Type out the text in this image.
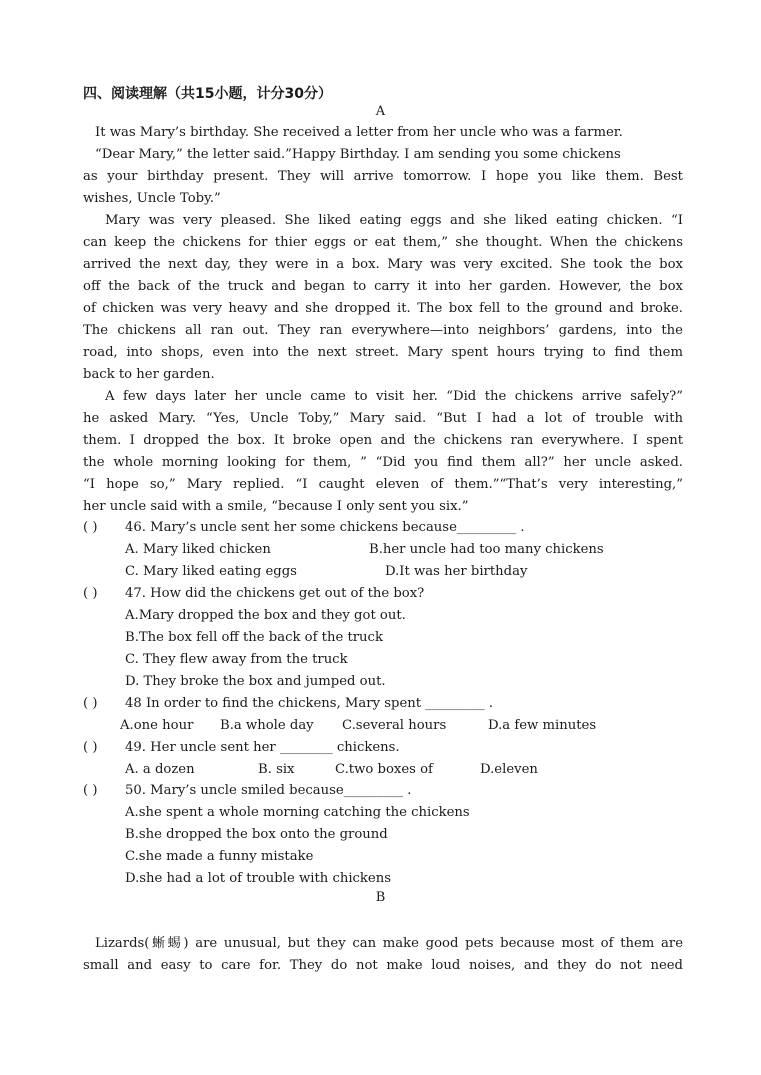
四、阅读理解（共15小题，计分30分）
A
It was Mary’s birthday. She received a letter from her uncle who was a farmer.
“Dear Mary,” the letter said.”Happy Birthday. I am sending you some chickens
as your birthday present. They will arrive tomorrow. I hope you like them. Best
wishes, Uncle Toby.”
Mary was very pleased. She liked eating eggs and she liked eating chicken. “I
can keep the chickens for thier eggs or eat them,” she thought. When the chickens
arrived the next day, they were in a box. Mary was very excited. She took the box
off the back of the truck and began to carry it into her garden. However, the box
of chicken was very heavy and she dropped it. The box fell to the ground and broke.
The chickens all ran out. They ran everywhere—into neighbors’ gardens, into the
road, into shops, even into the next street. Mary spent hours trying to find them
back to her garden.
A few days later her uncle came to visit her. “Did the chickens arrive safely?”
he asked Mary. “Yes, Uncle Toby,” Mary said. “But I had a lot of trouble with
them. I dropped the box. It broke open and the chickens ran everywhere. I spent
the whole morning looking for them, ” “Did you find them all?” her uncle asked.
“I hope so,” Mary replied. “I caught eleven of them.”“That’s very interesting,”
her uncle said with a smile, “because I only sent you six.”
( ) 46. Mary’s uncle sent her some chickens because_________ .
A. Mary liked chicken	B.her uncle had too many chickens
C. Mary liked eating eggs	D.It was her birthday
( ) 47. How did the chickens get out of the box?
A.Mary dropped the box and they got out.
B.The box fell off the back of the truck
C. They flew away from the truck
D. They broke the box and jumped out.
( ) 48 In order to find the chickens, Mary spent _________ .
A.one hour B.a whole day C.several hours	D.a few minutes
( ) 49. Her uncle sent her ________ chickens.
A. a dozen	B. six	C.two boxes of	D.eleven
( ) 50. Mary’s uncle smiled because_________ .
A.she spent a whole morning catching the chickens
B.she dropped the box onto the ground
C.she made a funny mistake
D.she had a lot of trouble with chickens
B
Lizards(蜥蜴) are unusual, but they can make good pets because most of them are
small and easy to care for. They do not make loud noises, and they do not need
